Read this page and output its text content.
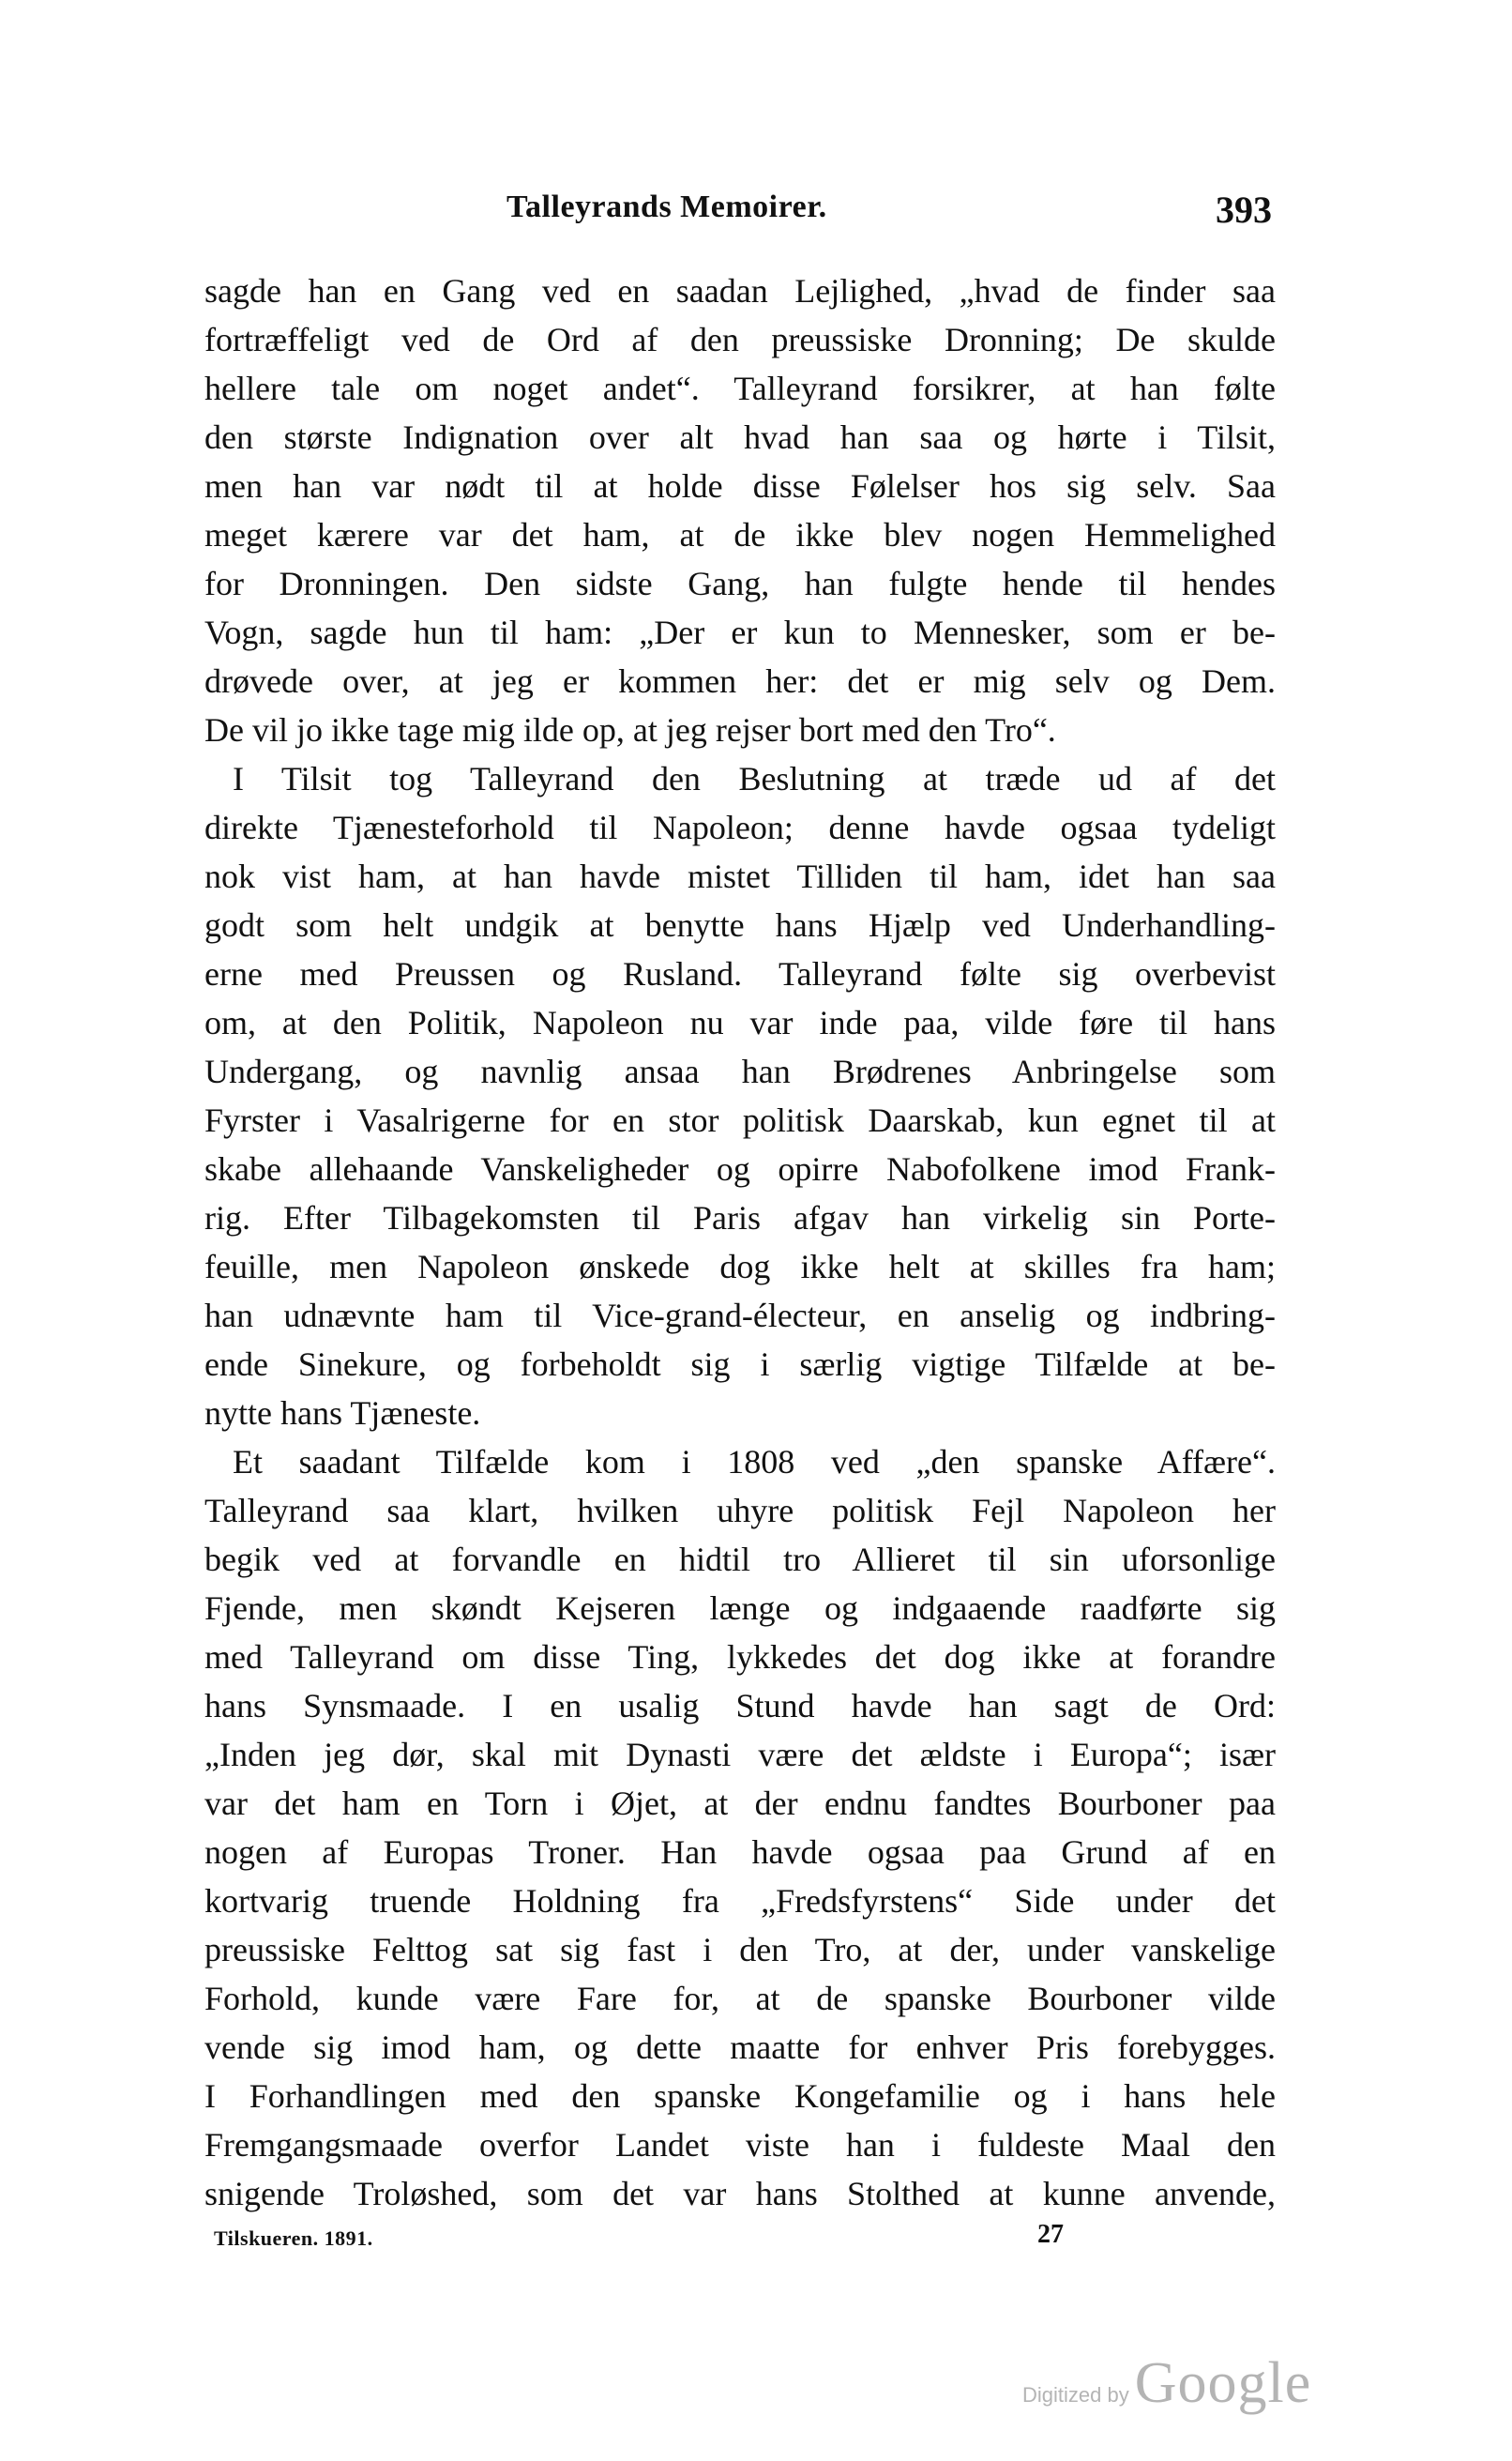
Talleyrands Memoirer.	393
sagde han en Gang ved en saadan Lejlighed, „hvad de finder saa
fortræffeligt ved de Ord af den preussiske Dronning; De skulde
hellere tale om noget andet“. Talleyrand forsikrer, at han følte
den største Indignation over alt hvad han saa og hørte i Tilsit,
men han var nødt til at holde disse Følelser hos sig selv. Saa
meget kærere var det ham, at de ikke blev nogen Hemmelighed
for Dronningen. Den sidste Gang, han fulgte hende til hendes
Vogn, sagde hun til ham: „Der er kun to Mennesker, som er be-
drøvede over, at jeg er kommen her: det er mig selv og Dem.
De vil jo ikke tage mig ilde op, at jeg rejser bort med den Tro“.
I Tilsit tog Talleyrand den Beslutning at træde ud af det
direkte Tjænesteforhold til Napoleon; denne havde ogsaa tydeligt
nok vist ham, at han havde mistet Tilliden til ham, idet han saa
godt som helt undgik at benytte hans Hjælp ved Underhandling-
erne med Preussen og Rusland. Talleyrand følte sig overbevist
om, at den Politik, Napoleon nu var inde paa, vilde føre til hans
Undergang, og navnlig ansaa han Brødrenes Anbringelse som
Fyrster i Vasalrigerne for en stor politisk Daarskab, kun egnet til at
skabe allehaande Vanskeligheder og opirre Nabofolkene imod Frank-
rig. Efter Tilbagekomsten til Paris afgav han virkelig sin Porte-
feuille, men Napoleon ønskede dog ikke helt at skilles fra ham;
han udnævnte ham til Vice-grand-électeur, en anselig og indbring-
ende Sinekure, og forbeholdt sig i særlig vigtige Tilfælde at be-
nytte hans Tjæneste.
Et saadant Tilfælde kom i 1808 ved „den spanske Affære“.
Talleyrand saa klart, hvilken uhyre politisk Fejl Napoleon her
begik ved at forvandle en hidtil tro Allieret til sin uforsonlige
Fjende, men skøndt Kejseren længe og indgaaende raadførte sig
med Talleyrand om disse Ting, lykkedes det dog ikke at forandre
hans Synsmaade. I en usalig Stund havde han sagt de Ord:
„Inden jeg dør, skal mit Dynasti være det ældste i Europa“; især
var det ham en Torn i Øjet, at der endnu fandtes Bourboner paa
nogen af Europas Troner. Han havde ogsaa paa Grund af en
kortvarig truende Holdning fra „Fredsfyrstens“ Side under det
preussiske Felttog sat sig fast i den Tro, at der, under vanskelige
Forhold, kunde være Fare for, at de spanske Bourboner vilde
vende sig imod ham, og dette maatte for enhver Pris forebygges.
I Forhandlingen med den spanske Kongefamilie og i hans hele
Fremgangsmaade overfor Landet viste han i fuldeste Maal den
snigende Troløshed, som det var hans Stolthed at kunne anvende,
Tilskueren. 1891.	27
Digitized by Google
